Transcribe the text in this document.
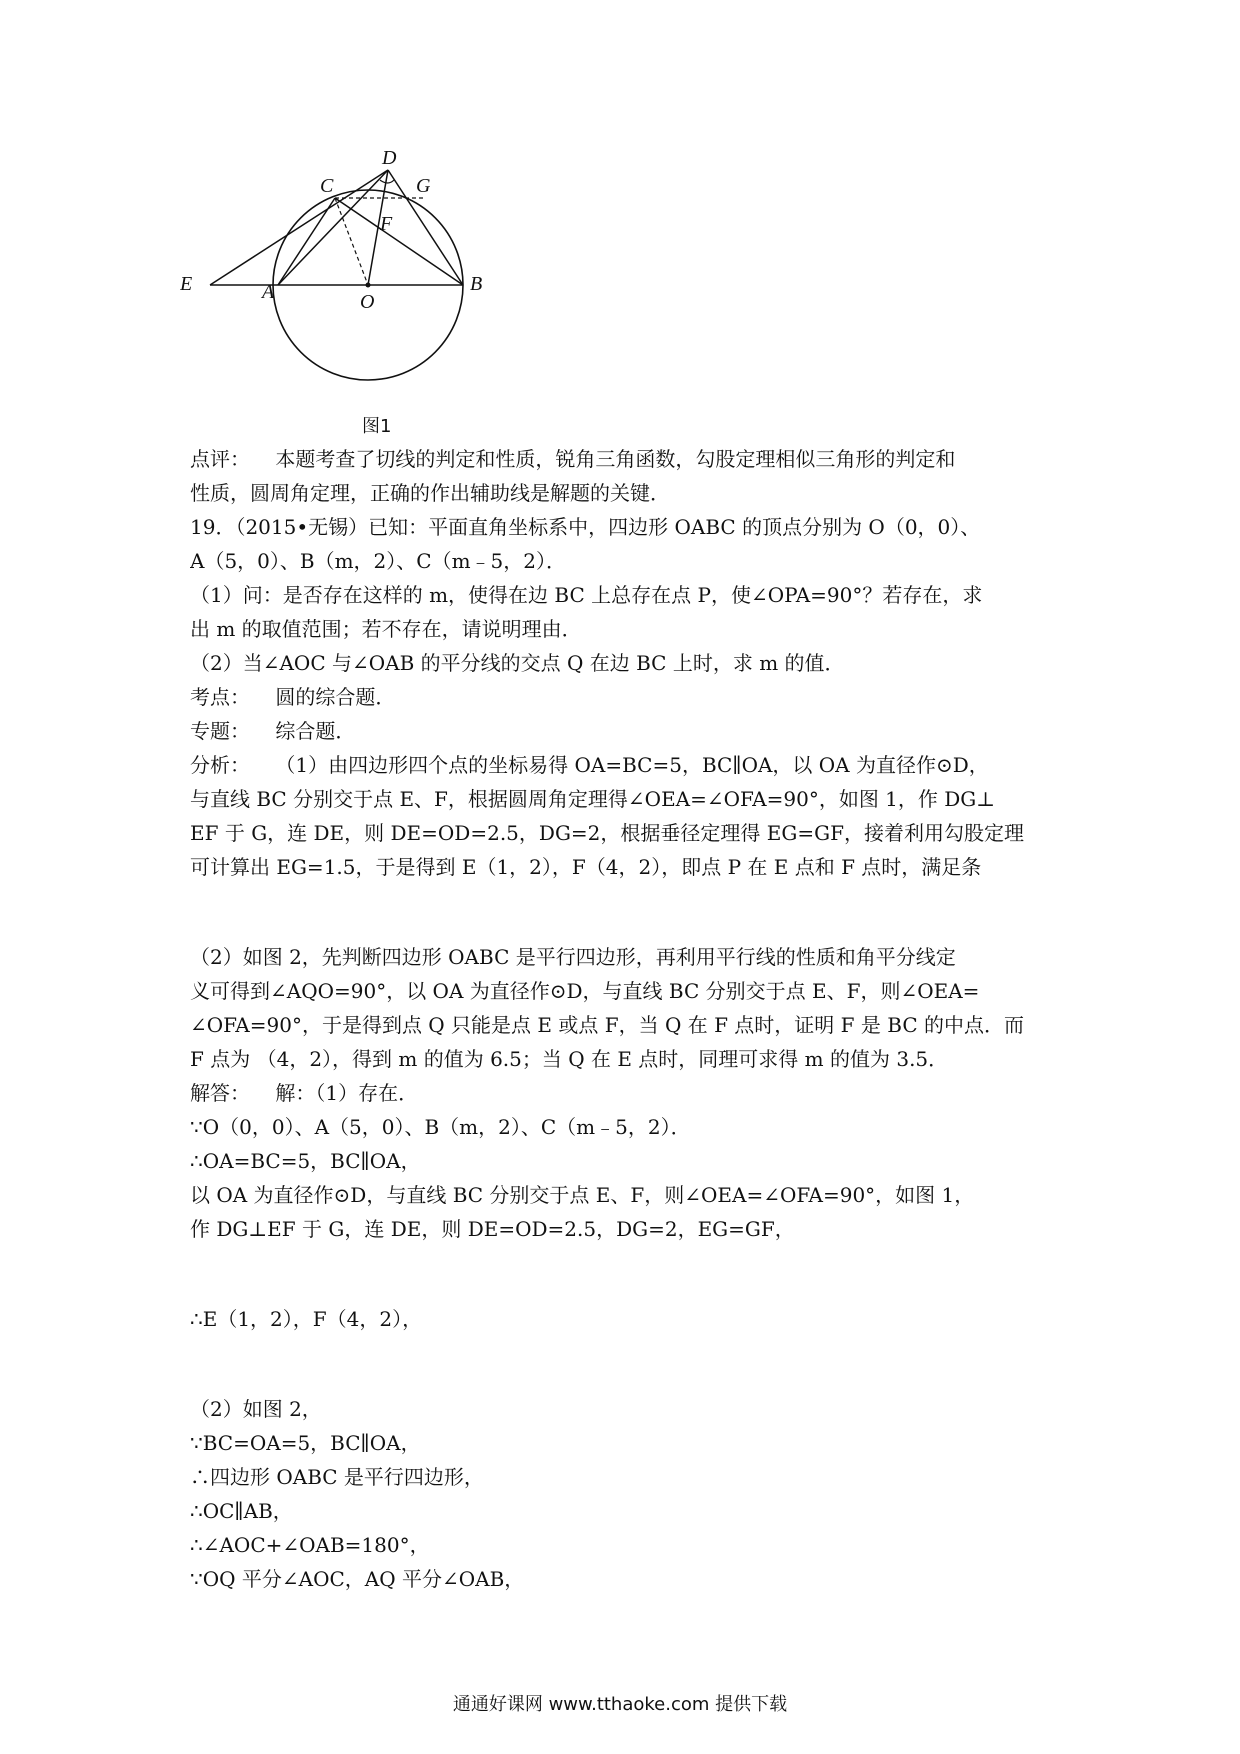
D
C	G
F
E	A	O
B
图1
点评：    本题考查了切线的判定和性质，锐角三角函数，勾股定理相似三角形的判定和
性质，圆周角定理，正确的作出辅助线是解题的关键．
19．（2015•无锡）已知：平面直角坐标系中，四边形 OABC 的顶点分别为 O（0，0）、
A（5，0）、B（m，2）、C（m﹣5，2）．
（1）问：是否存在这样的 m，使得在边 BC 上总存在点 P，使∠OPA=90°？若存在，求
出 m 的取值范围；若不存在，请说明理由．
（2）当∠AOC 与∠OAB 的平分线的交点 Q 在边 BC 上时，求 m 的值．
考点：    圆的综合题．
专题：    综合题．
分析：    （1）由四边形四个点的坐标易得 OA=BC=5，BC∥OA，以 OA 为直径作⊙D，
与直线 BC 分别交于点 E、F，根据圆周角定理得∠OEA=∠OFA=90°，如图 1，作 DG⊥
EF 于 G，连 DE，则 DE=OD=2.5，DG=2，根据垂径定理得 EG=GF，接着利用勾股定理
可计算出 EG=1.5，于是得到 E（1，2），F（4，2），即点 P 在 E 点和 F 点时，满足条

（2）如图 2，先判断四边形 OABC 是平行四边形，再利用平行线的性质和角平分线定
义可得到∠AQO=90°，以 OA 为直径作⊙D，与直线 BC 分别交于点 E、F，则∠OEA=
∠OFA=90°，于是得到点 Q 只能是点 E 或点 F，当 Q 在 F 点时，证明 F 是 BC 的中点．而
F 点为 （4，2），得到 m 的值为 6.5；当 Q 在 E 点时，同理可求得 m 的值为 3.5．
解答：    解：（1）存在．
∵O（0，0）、A（5，0）、B（m，2）、C（m﹣5，2）．
∴OA=BC=5，BC∥OA，
以 OA 为直径作⊙D，与直线 BC 分别交于点 E、F，则∠OEA=∠OFA=90°，如图 1，
作 DG⊥EF 于 G，连 DE，则 DE=OD=2.5，DG=2，EG=GF，

∴E（1，2），F（4，2），

（2）如图 2，
∵BC=OA=5，BC∥OA，
∴四边形 OABC 是平行四边形，
∴OC∥AB，
∴∠AOC+∠OAB=180°，
∵OQ 平分∠AOC，AQ 平分∠OAB，
通通好课网 www.tthaoke.com 提供下载
